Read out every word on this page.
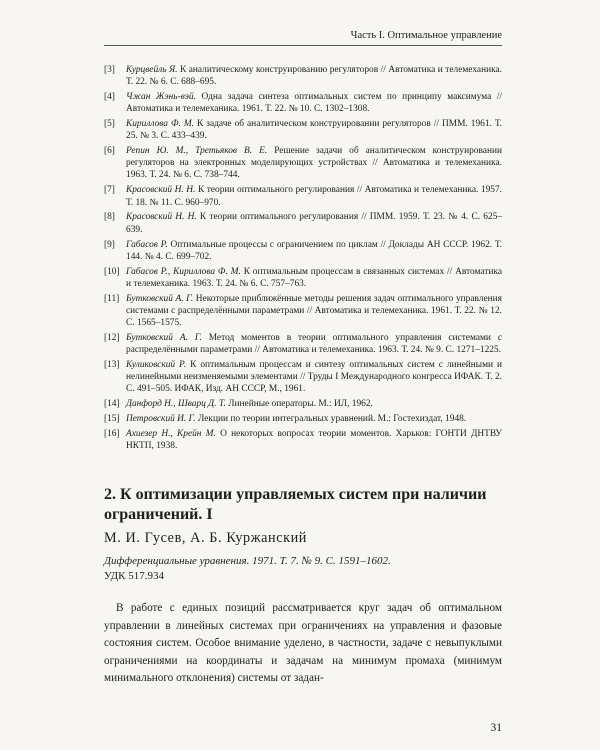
Часть I. Оптимальное управление
[3]	Курцвейль Я. К аналитическому конструированию регуляторов // Автоматика и телемеханика. Т. 22. № 6. С. 688–695.
[4]	Чжан Жэнь-вэй. Одна задача синтеза оптимальных систем по принципу максимума // Автоматика и телемеханика. 1961. Т. 22. № 10. С. 1302–1308.
[5]	Кириллова Ф. М. К задаче об аналитическом конструировании регуляторов // ПММ. 1961. Т. 25. № 3. С. 433–439.
[6]	Репин Ю. М., Третьяков В. Е. Решение задачи об аналитическом конструировании регуляторов на электронных моделирующих устройствах // Автоматика и телемеханика. 1963. Т. 24. № 6. С. 738–744.
[7]	Красовский Н. Н. К теории оптимального регулирования // Автоматика и телемеханика. 1957. Т. 18. № 11. С. 960–970.
[8]	Красовский Н. Н. К теории оптимального регулирования // ПММ. 1959. Т. 23. № 4. С. 625–639.
[9]	Габасов Р. Оптимальные процессы с ограничением по циклам // Доклады АН СССР. 1962. Т. 144. № 4. С. 699–702.
[10] Габасов Р., Кириллова Ф. М. К оптимальным процессам в связанных системах // Автоматика и телемеханика. 1963. Т. 24. № 6. С. 757–763.
[11] Бутковский А. Г. Некоторые приближённые методы решения задач оптимального управления системами с распределёнными параметрами // Автоматика и телемеханика. 1961. Т. 22. № 12. С. 1565–1575.
[12] Бутковский А. Г. Метод моментов в теории оптимального управления системами с распределёнными параметрами // Автоматика и телемеханика. 1963. Т. 24. № 9. С. 1271–1225.
[13] Куликовский Р. К оптимальным процессам и синтезу оптимальных систем с линейными и нелинейными неизменяемыми элементами // Труды I Международного конгресса ИФАК. Т. 2. С. 491–505. ИФАК, Изд. АН СССР, М., 1961.
[14] Данфорд Н., Шварц Д. Т. Линейные операторы. М.: ИЛ, 1962.
[15] Петровский И. Г. Лекции по теории интегральных уравнений. М.: Гостехиздат, 1948.
[16] Ахиезер Н., Крейн М. О некоторых вопросах теории моментов. Харьков: ГОНТИ ДНТВУ НКТП, 1938.
2. К оптимизации управляемых систем при наличии ограничений. I
М. И. Гусев, А. Б. Куржанский
Дифференциальные уравнения. 1971. Т. 7. № 9. С. 1591–1602.
УДК 517.934
В работе с единых позиций рассматривается круг задач об оптимальном управлении в линейных системах при ограничениях на управления и фазовые состояния систем. Особое внимание уделено, в частности, задаче с невыпуклыми ограничениями на координаты и задачам на минимум промаха (минимум минимального отклонения) системы от задан-
31
